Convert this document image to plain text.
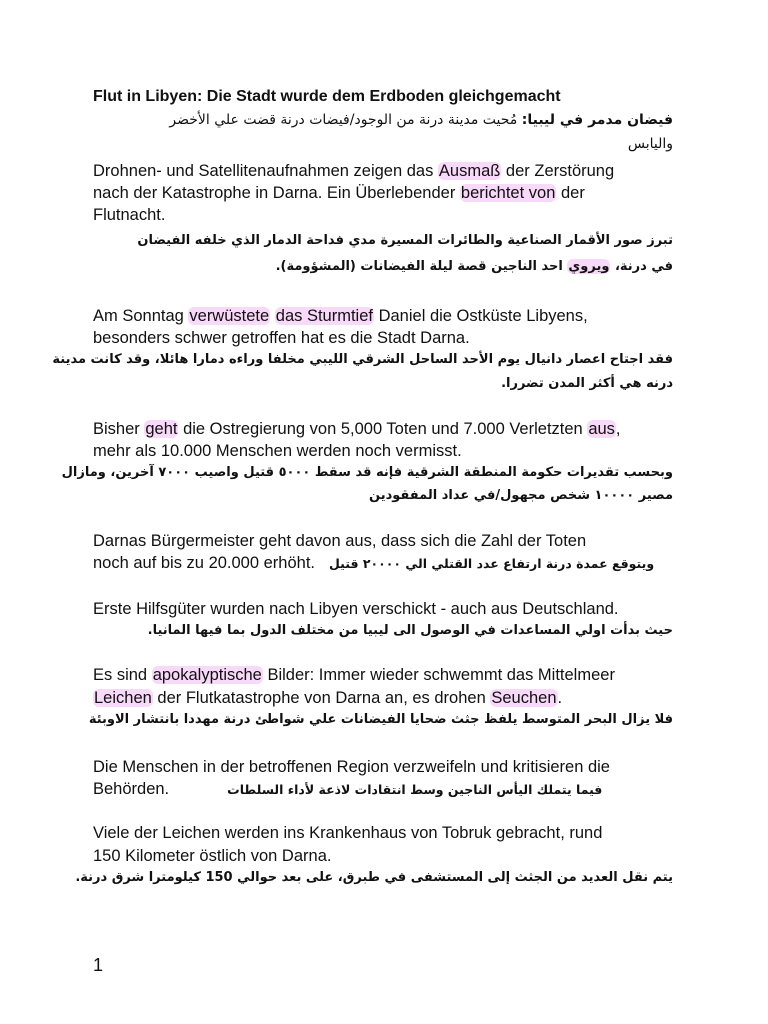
Flut in Libyen: Die Stadt wurde dem Erdboden gleichgemacht
فيضان مدمر في ليبيا: مُحيت مدينة درنة من الوجود/فيضات درنة قضت علي الأخضر
واليابس
Drohnen- und Satellitenaufnahmen zeigen das Ausmaß der Zerstörung
nach der Katastrophe in Darna. Ein Überlebender berichtet von der
Flutnacht.
تبرز صور الأقمار الصناعية والطائرات المسيرة مدي فداحة الدمار الذي خلفه الفيضان
في درنة، ويروي احد الناجين قصة ليلة الفيضانات (المشؤومة).
Am Sonntag verwüstete das Sturmtief Daniel die Ostküste Libyens,
besonders schwer getroffen hat es die Stadt Darna.
فقد اجتاح اعصار دانيال يوم الأحد الساحل الشرقي الليبي مخلفا وراءه دمارا هائلا، وقد كانت مدينة
درنه هي أكثر المدن تضررا.
Bisher geht die Ostregierung von 5,000 Toten und 7.000 Verletzten aus,
mehr als 10.000 Menschen werden noch vermisst.
وبحسب تقديرات حكومة المنطقة الشرقية فإنه قد سقط ٥٠٠٠ قتيل واصيب ٧٠٠٠ آخرين، ومازال
مصير ١٠٠٠٠ شخص مجهول/في عداد المفقودين
Darnas Bürgermeister geht davon aus, dass sich die Zahl der Toten
noch auf bis zu 20.000 erhöht. ويتوقع عمدة درنة ارتفاع عدد القتلي الي ٢٠٠٠٠ قتيل
Erste Hilfsgüter wurden nach Libyen verschickt - auch aus Deutschland.
حيث بدأت اولي المساعدات في الوصول الى ليبيا من مختلف الدول بما فيها المانيا.
Es sind apokalyptische Bilder: Immer wieder schwemmt das Mittelmeer
Leichen der Flutkatastrophe von Darna an, es drohen Seuchen.
فلا يزال البحر المتوسط يلفظ جثث ضحايا الفيضانات علي شواطئ درنة مهددا بانتشار الاوبئة
Die Menschen in der betroffenen Region verzweifeln und kritisieren die
Behörden.	فيما يتملك اليأس الناجين وسط انتقادات لاذعة لأداء السلطات
Viele der Leichen werden ins Krankenhaus von Tobruk gebracht, rund
150 Kilometer östlich von Darna.
يتم نقل العديد من الجثث إلى المستشفى في طبرق، على بعد حوالي 150 كيلومترا شرق درنة.
1
